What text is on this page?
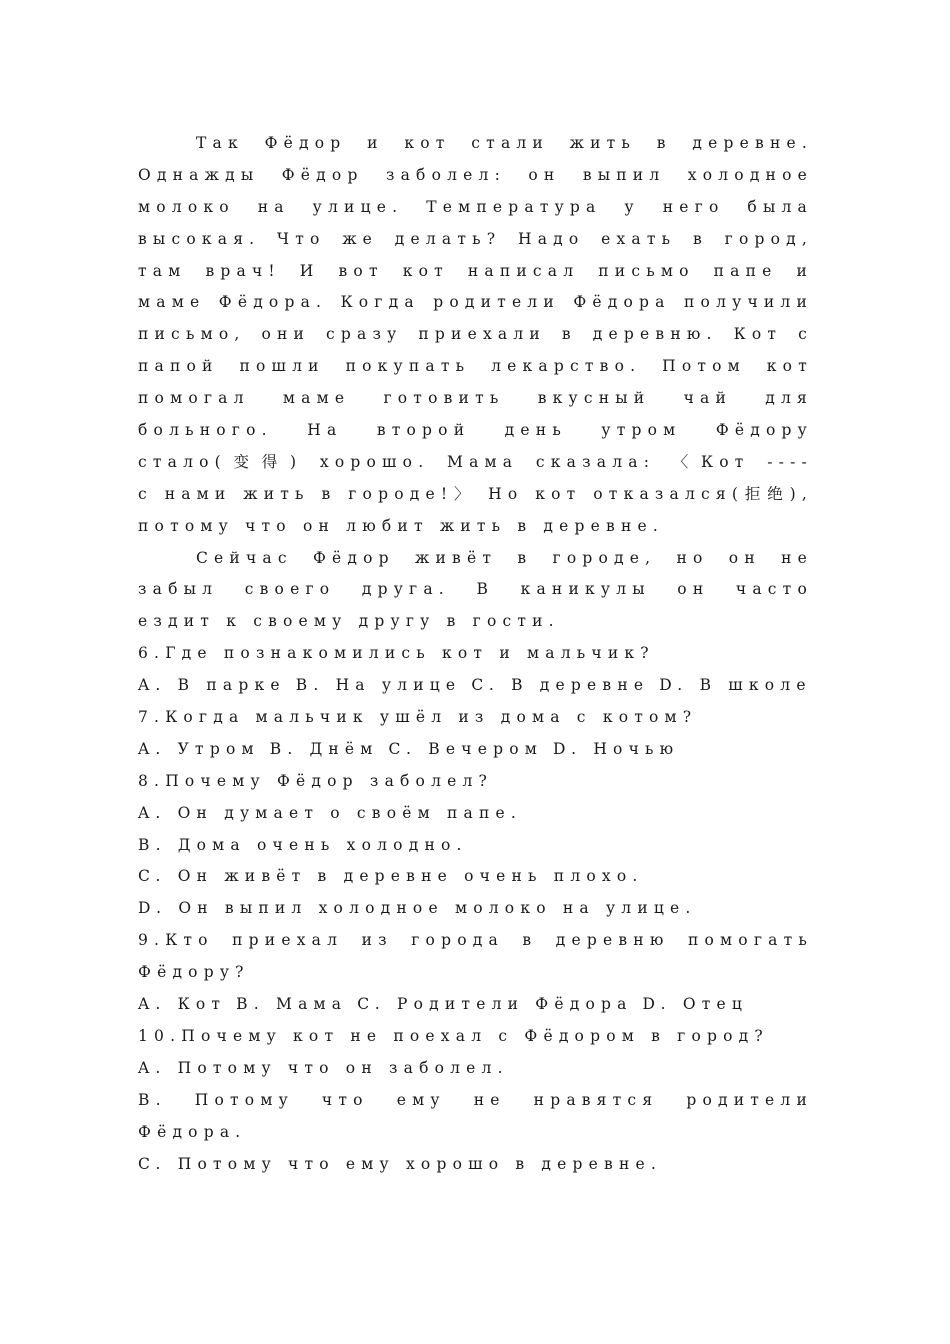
Так Фёдор и кот стали жить в деревне.
Однажды Фёдор заболел: он выпил холодное
молоко на улице. Температура у него была
высокая. Что же делать? Надо ехать в город,
там врач! И вот кот написал письмо папе и
маме Фёдора. Когда родители Фёдора получили
письмо, они сразу приехали в деревню. Кот с
папой пошли покупать лекарство. Потом кот
помогал маме готовить вкусный чай для
больного. На второй день утром Фёдору
стало(变得) хорошо. Мама сказала: 〈Кот ----
с нами жить в городе!〉 Но кот отказался(拒绝),
потому что он любит жить в деревне.
Сейчас Фёдор живёт в городе, но он не
забыл своего друга. В каникулы он часто
ездит к своему другу в гости.
6.Где познакомились кот и мальчик?
A. В парке B. На улице C. В деревне D. В школе
7.Когда мальчик ушёл из дома с котом?
A. Утром B. Днём C. Вечером D. Ночью
8.Почему Фёдор заболел?
A. Он думает о своём папе.
B. Дома очень холодно.
C. Он живёт в деревне очень плохо.
D. Он выпил холодное молоко на улице.
9.Кто приехал из города в деревню помогать
Фёдору?
A. Кот B. Мама C. Родители Фёдора D. Отец
10.Почему кот не поехал с Фёдором в город?
A. Потому что он заболел.
B. Потому что ему не нравятся родители
Фёдора.
C. Потому что ему хорошо в деревне.
